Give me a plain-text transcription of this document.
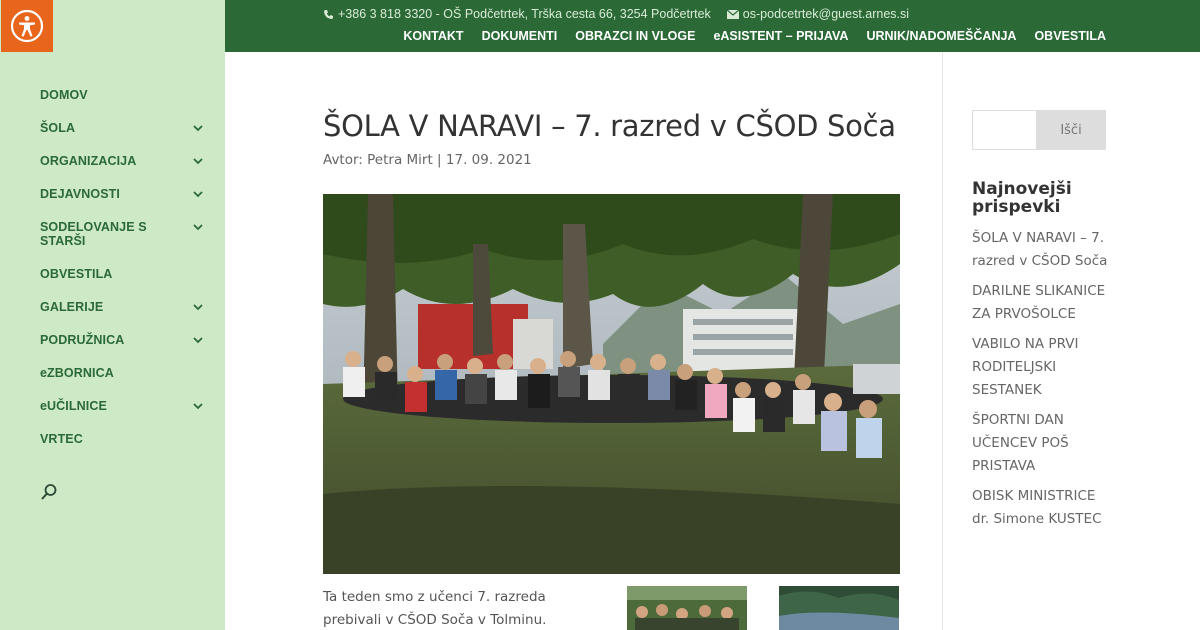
DOMOV
ŠOLA
ORGANIZACIJA
DEJAVNOSTI
SODELOVANJE S STARŠI
OBVESTILA
GALERIJE
PODRUŽNICA
eZBORNICA
eUČILNICE
VRTEC
+386 3 818 3320 - OŠ Podčetrtek, Trška cesta 66, 3254 Podčetrtek	os-podcetrtek@guest.arnes.si
KONTAKT DOKUMENTI OBRAZCI IN VLOGE eASISTENT – PRIJAVA URNIK/NADOMEŠČANJA OBVESTILA
ŠOLA V NARAVI – 7. razred v CŠOD Soča

Avtor: Petra Mirt | 17. 09. 2021

Ta teden smo z učenci 7. razreda prebivali v CŠOD Soča v Tolminu.

Išči
Najnovejši prispevki
ŠOLA V NARAVI – 7. razred v CŠOD Soča
DARILNE SLIKANICE ZA PRVOŠOLCE
VABILO NA PRVI RODITELJSKI SESTANEK
ŠPORTNI DAN UČENCEV POŠ PRISTAVA
OBISK MINISTRICE dr. Simone KUSTEC
